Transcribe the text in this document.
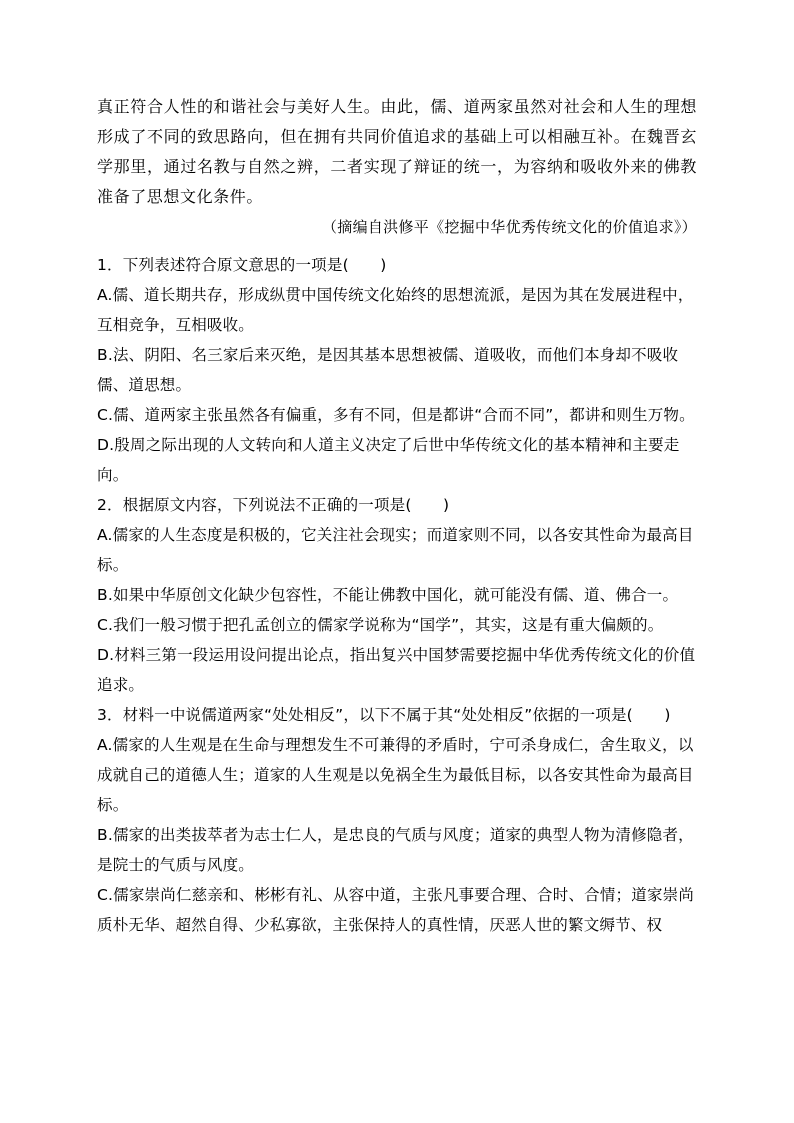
真正符合人性的和谐社会与美好人生。由此，儒、道两家虽然对社会和人生的理想形成了不同的致思路向，但在拥有共同价值追求的基础上可以相融互补。在魏晋玄学那里，通过名教与自然之辨，二者实现了辩证的统一，为容纳和吸收外来的佛教准备了思想文化条件。
（摘编自洪修平《挖掘中华优秀传统文化的价值追求》）

1．下列表述符合原文意思的一项是(　　)

A.儒、道长期共存，形成纵贯中国传统文化始终的思想流派，是因为其在发展进程中，互相竞争，互相吸收。

B.法、阴阳、名三家后来灭绝，是因其基本思想被儒、道吸收，而他们本身却不吸收儒、道思想。

C.儒、道两家主张虽然各有偏重，多有不同，但是都讲“合而不同”，都讲和则生万物。

D.殷周之际出现的人文转向和人道主义决定了后世中华传统文化的基本精神和主要走向。

2．根据原文内容，下列说法不正确的一项是(　　)

A.儒家的人生态度是积极的，它关注社会现实；而道家则不同，以各安其性命为最高目标。

B.如果中华原创文化缺少包容性，不能让佛教中国化，就可能没有儒、道、佛合一。

C.我们一般习惯于把孔孟创立的儒家学说称为“国学”，其实，这是有重大偏颇的。

D.材料三第一段运用设问提出论点，指出复兴中国梦需要挖掘中华优秀传统文化的价值追求。

3．材料一中说儒道两家“处处相反”，以下不属于其“处处相反”依据的一项是(　　)

A.儒家的人生观是在生命与理想发生不可兼得的矛盾时，宁可杀身成仁，舍生取义，以成就自己的道德人生；道家的人生观是以免祸全生为最低目标，以各安其性命为最高目标。

B.儒家的出类拔萃者为志士仁人，是忠良的气质与风度；道家的典型人物为清修隐者，是院士的气质与风度。

C.儒家崇尚仁慈亲和、彬彬有礼、从容中道，主张凡事要合理、合时、合情；道家崇尚质朴无华、超然自得、少私寡欲，主张保持人的真性情，厌恶人世的繁文缛节、权
